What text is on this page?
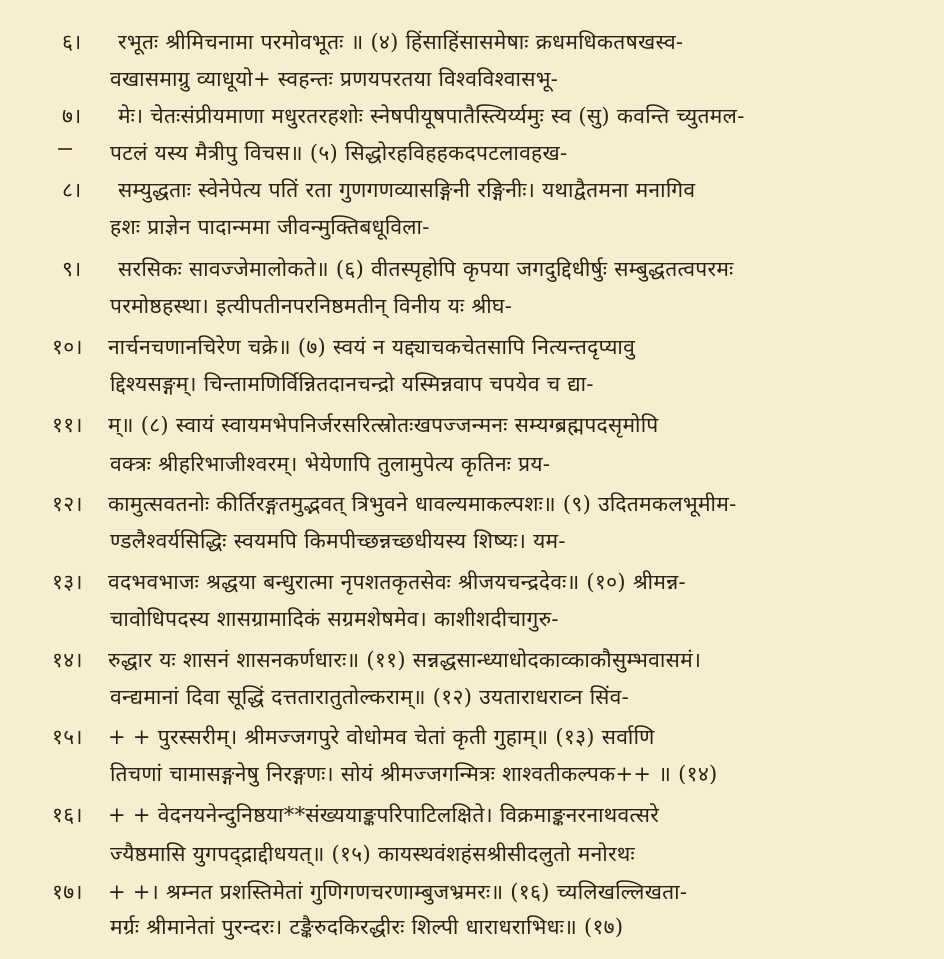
६। रभूतः श्रीमिचनामा परमोवभूतः ॥ (४) हिंसाहिंसासमेषाः क्रधमधिकतषखस्व-
वखासमाग्रु व्याधूयो+ स्वहन्तः प्रणयपरतया विश्वविश्वासभू-
७। मेः। चेतःसंप्रीयमाणा मधुरतरहशोः स्नेषपीयूषपातैस्त्यिर्य्यमुः स्व (सु) कवन्ति च्युतमल-
पटलं यस्य मैत्रीपु विचस॥ (५) सिद्धोरहविहहकदपटलावहख-
८। सम्युद्धताः स्वेनेपेत्य पतिं रता गुणगणव्यासङ्गिनी रङ्गिनीः। यथाद्वैतमना मनागिव
हशः प्राज्ञेन पादान्ममा जीवन्मुक्तिबधूविला-
९। सरसिकः सावज्जेमालोकते॥ (६) वीतस्पृहोपि कृपया जगदुद्दिधीर्षुः सम्बुद्धतत्वपरमः
परमोष्ठहस्था। इत्यीपतीनपरनिष्ठमतीन् विनीय यः श्रीघ-
१०। नार्चनचणानचिरेण चक्रे॥ (७) स्वयं न यद्द्याचकचेतसापि नित्यन्तदृप्यावु
द्दिश्यसङ्गम्। चिन्तामणिर्विन्नितदानचन्द्रो यस्मिन्नवाप चपयेव च द्या-
११। म्॥ (८) स्वायं स्वायमभेपनिर्जरसरित्स्रोतःखपज्जन्मनः सम्यग्ब्रह्मपदसृमोपि
वक्त्रः श्रीहरिभाजीश्वरम्। भेयेणापि तुलामुपेत्य कृतिनः प्रय-
१२। कामुत्सवतनोः कीर्तिरङ्गतमुद्भवत् त्रिभुवने धावल्यमाकल्पशः॥ (९) उदितमकलभूमीम-
ण्डलैश्वर्यसिद्धिः स्वयमपि किमपीच्छन्नच्छधीयस्य शिष्यः। यम-
१३। वदभवभाजः श्रद्धया बन्धुरात्मा नृपशतकृतसेवः श्रीजयचन्द्रदेवः॥ (१०) श्रीमन्न-
चावोधिपदस्य शासग्रामादिकं सग्रमशेषमेव। काशीशदीचागुरु-
१४। रुद्धार यः शासनं शासनकर्णधारः॥ (११) सन्नद्धसान्ध्याधोदकाव्काकौसुम्भवासमं।
वन्द्यमानां दिवा सूद्धिं दत्ततारातुतोल्कराम्॥ (१२) उयताराधराव्न सिंव-
१५। + + पुरस्सरीम्। श्रीमज्जगपुरे वोधोमव चेतां कृती गुहाम्॥ (१३) सर्वाणि
तिचणां चामासङ्गनेषु निरङ्गणः। सोयं श्रीमज्जगन्मित्रः शाश्वतीकल्पक++ ॥ (१४)
१६। + + वेदनयनेन्दुनिष्ठया**संख्ययाङ्कपरिपाटिलक्षिते। विक्रमाङ्कनरनाथवत्सरे
ज्यैष्ठमासि युगपद्द्राद्दीधयत्॥ (१५) कायस्थवंशहंसश्रीसीदलुतो मनोरथः
१७। + +। श्रम्नत प्रशस्तिमेतां गुणिगणचरणाम्बुजभ्रमरः॥ (१६) च्यलिखल्लिखता-
मर्ग्रः श्रीमानेतां पुरन्दरः। टङ्कैरुदकिरद्धीरः शिल्पी धाराधराभिधः॥ (१७)
